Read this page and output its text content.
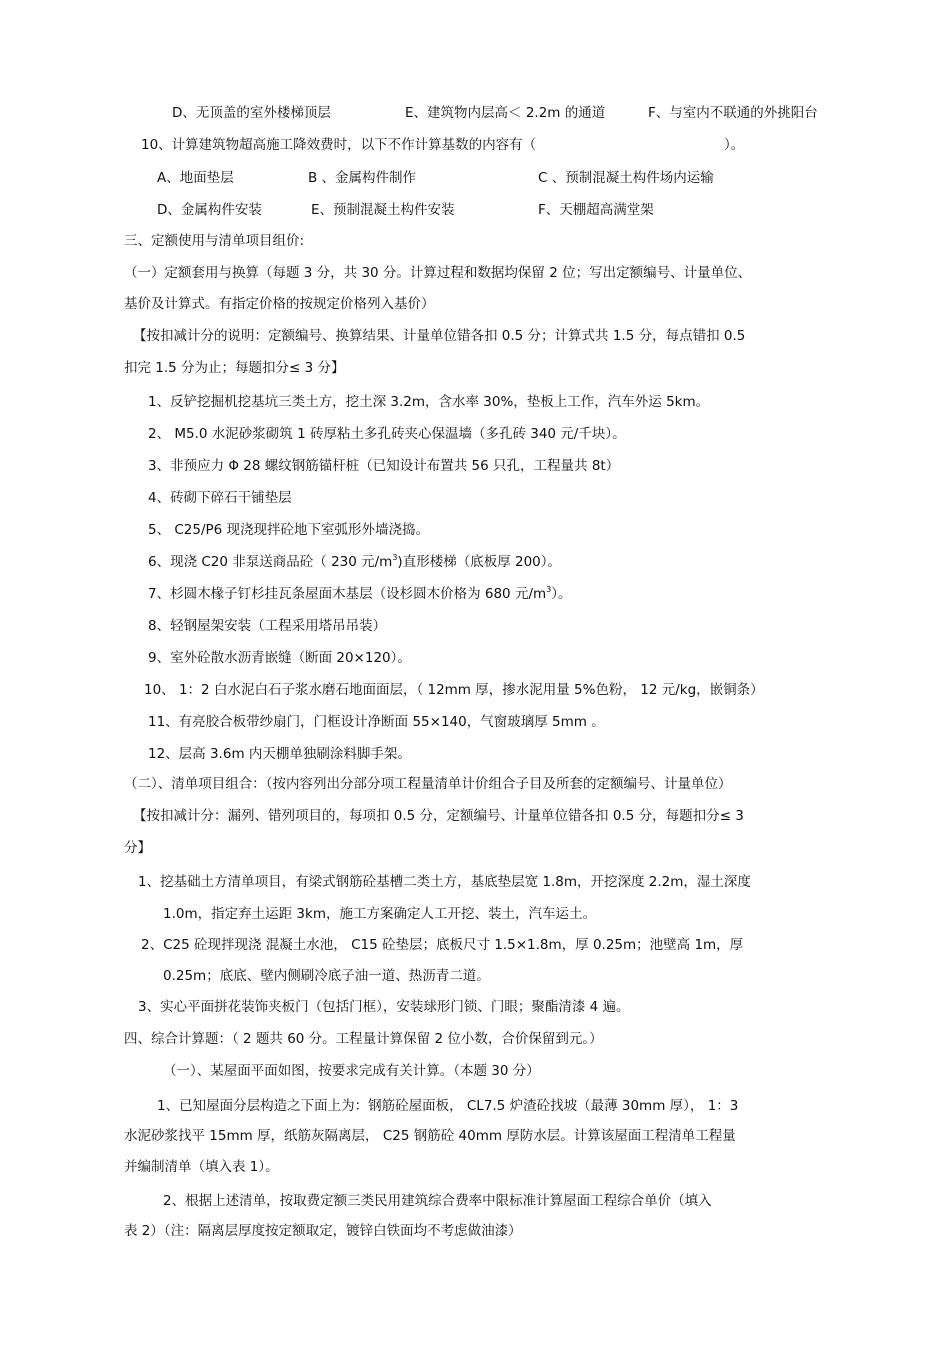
D、无顶盖的室外楼梯顶层	E、建筑物内层高＜ 2.2m 的通道	F、与室内不联通的外挑阳台
10、计算建筑物超高施工降效费时，以下不作计算基数的内容有（	）。
A、地面垫层	B 、金属构件制作	C 、预制混凝土构件场内运输
D、金属构件安装	E、预制混凝土构件安装	F、天棚超高满堂架
三、定额使用与清单项目组价:
（一）定额套用与换算（每题 3 分，共 30 分。计算过程和数据均保留 2 位；写出定额编号、计量单位、
基价及计算式。有指定价格的按规定价格列入基价）
【按扣减计分的说明：定额编号、换算结果、计量单位错各扣 0.5 分；计算式共 1.5 分，每点错扣 0.5
扣完 1.5 分为止；每题扣分≤ 3 分】
1、反铲挖掘机挖基坑三类土方，挖土深 3.2m，含水率 30%，垫板上工作，汽车外运 5km。
2、 M5.0 水泥砂浆砌筑 1 砖厚粘土多孔砖夹心保温墙（多孔砖 340 元/千块）。
3、非预应力 Φ 28 螺纹钢筋锚杆桩（已知设计布置共 56 只孔，工程量共 8t）
4、砖砌下碎石干铺垫层
5、 C25/P6 现浇现拌砼地下室弧形外墙浇捣。
6、现浇 C20 非泵送商品砼（ 230 元$/m^3$)直形楼梯（底板厚 200）。
7、杉圆木椽子钉杉挂瓦条屋面木基层（设杉圆木价格为 680 元$/m^3$）。
8、轻钢屋架安装（工程采用塔吊吊装）
9、室外砼散水沥青嵌缝（断面 20×120）。
10、 1：2 白水泥白石子浆水磨石地面面层，（ 12mm 厚，掺水泥用量 5%色粉， 12 元/kg，嵌铜条）
11、有亮胶合板带纱扇门，门框设计净断面 55×140，气窗玻璃厚 5mm 。
12、层高 3.6m 内天棚单独刷涂料脚手架。
（二）、清单项目组合：（按内容列出分部分项工程量清单计价组合子目及所套的定额编号、计量单位）
【按扣减计分：漏列、错列项目的，每项扣 0.5 分，定额编号、计量单位错各扣 0.5 分，每题扣分≤ 3
分】
1、挖基础土方清单项目，有梁式钢筋砼基槽二类土方，基底垫层宽 1.8m，开挖深度 2.2m，湿土深度
1.0m，指定弃土运距 3km，施工方案确定人工开挖、装土，汽车运土。
2、C25 砼现拌现浇 混凝土水池， C15 砼垫层；底板尺寸 1.5×1.8m，厚 0.25m；池壁高 1m，厚
0.25m；底底、壁内侧刷冷底子油一道、热沥青二道。
3、实心平面拼花装饰夹板门（包括门框），安装球形门锁、门眼；聚酯清漆 4 遍。
四、综合计算题：（ 2 题共 60 分。工程量计算保留 2 位小数，合价保留到元。）
（一）、某屋面平面如图，按要求完成有关计算。（本题 30 分）
1、已知屋面分层构造之下面上为：钢筋砼屋面板， CL7.5 炉渣砼找坡（最薄 30mm 厚）， 1：3
水泥砂浆找平 15mm 厚，纸筋灰隔离层， C25 钢筋砼 40mm 厚防水层。计算该屋面工程清单工程量
并编制清单（填入表 1）。
2、根据上述清单，按取费定额三类民用建筑综合费率中限标准计算屋面工程综合单价（填入
表 2）（注：隔离层厚度按定额取定，镀锌白铁面均不考虑做油漆）
